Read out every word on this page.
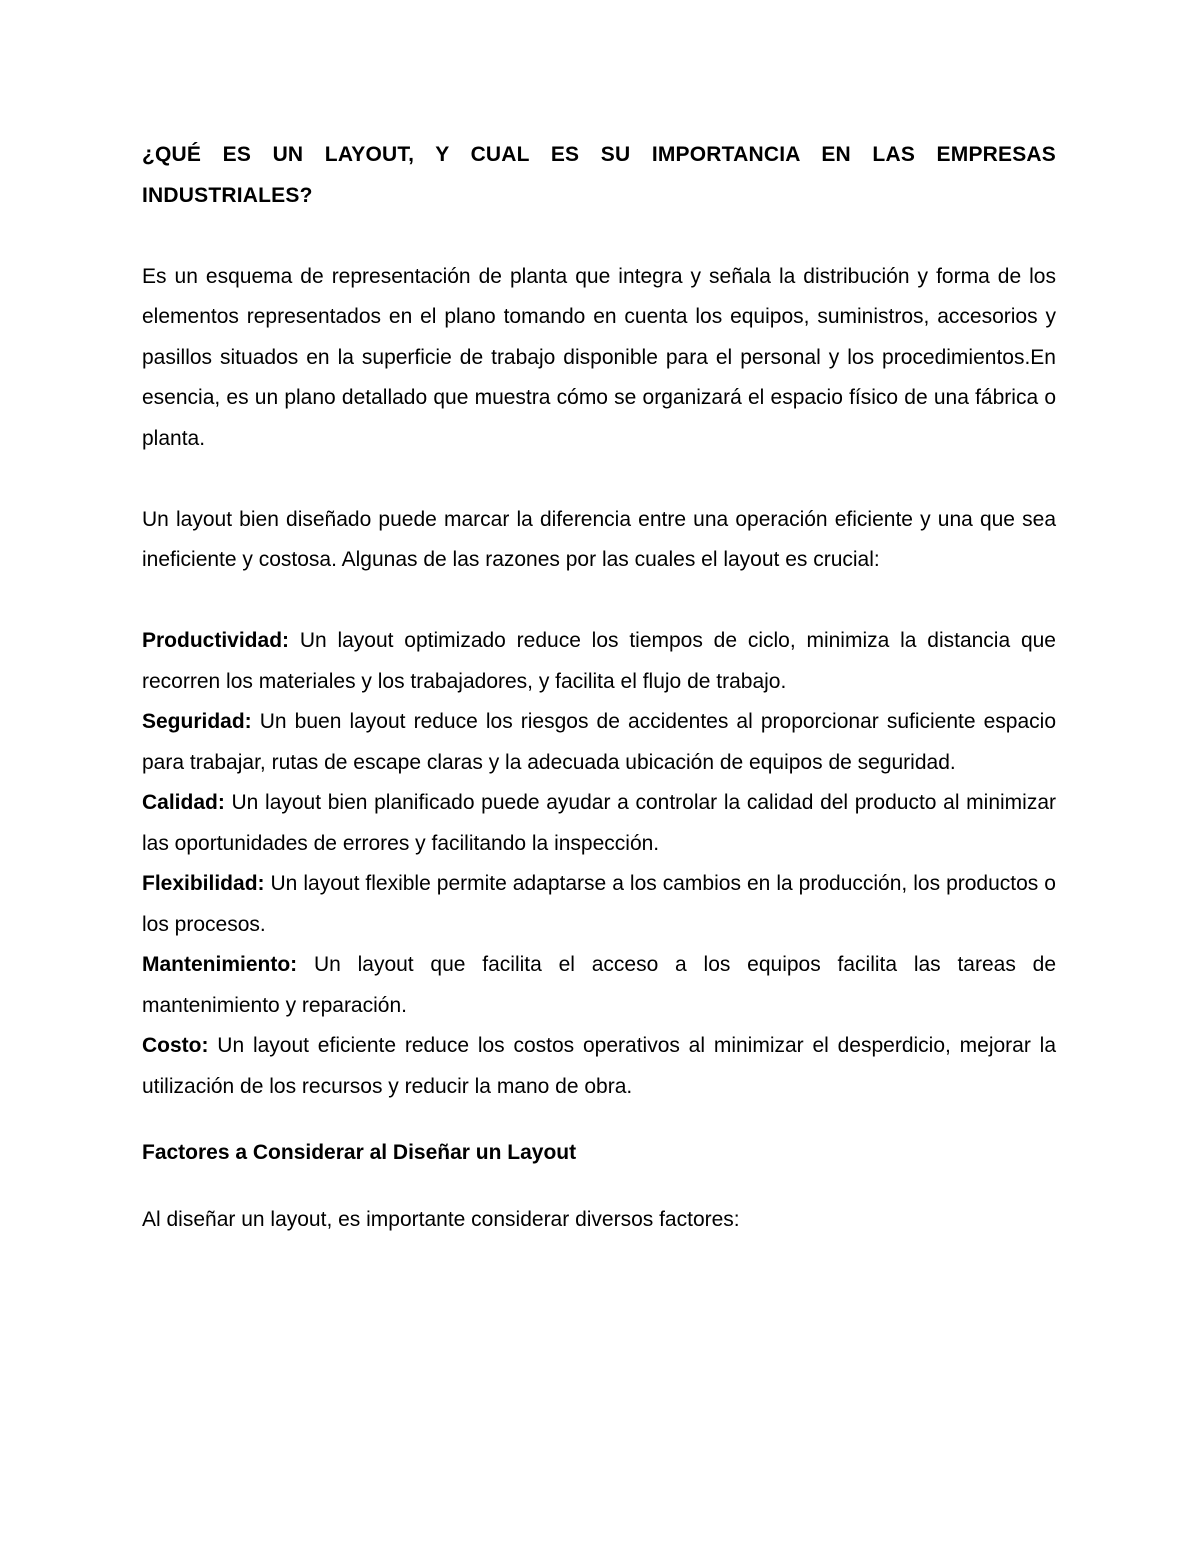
¿QUÉ ES UN LAYOUT, Y CUAL ES SU IMPORTANCIA EN LAS EMPRESAS INDUSTRIALES?

Es un esquema de representación de planta que integra y señala la distribución y forma de los elementos representados en el plano tomando en cuenta los equipos, suministros, accesorios y pasillos situados en la superficie de trabajo disponible para el personal y los procedimientos.En esencia, es un plano detallado que muestra cómo se organizará el espacio físico de una fábrica o planta.

Un layout bien diseñado puede marcar la diferencia entre una operación eficiente y una que sea ineficiente y costosa. Algunas de las razones por las cuales el layout es crucial:

Productividad: Un layout optimizado reduce los tiempos de ciclo, minimiza la distancia que recorren los materiales y los trabajadores, y facilita el flujo de trabajo.

Seguridad: Un buen layout reduce los riesgos de accidentes al proporcionar suficiente espacio para trabajar, rutas de escape claras y la adecuada ubicación de equipos de seguridad.

Calidad: Un layout bien planificado puede ayudar a controlar la calidad del producto al minimizar las oportunidades de errores y facilitando la inspección.

Flexibilidad: Un layout flexible permite adaptarse a los cambios en la producción, los productos o los procesos.

Mantenimiento: Un layout que facilita el acceso a los equipos facilita las tareas de mantenimiento y reparación.

Costo: Un layout eficiente reduce los costos operativos al minimizar el desperdicio, mejorar la utilización de los recursos y reducir la mano de obra.

Factores a Considerar al Diseñar un Layout

Al diseñar un layout, es importante considerar diversos factores:
